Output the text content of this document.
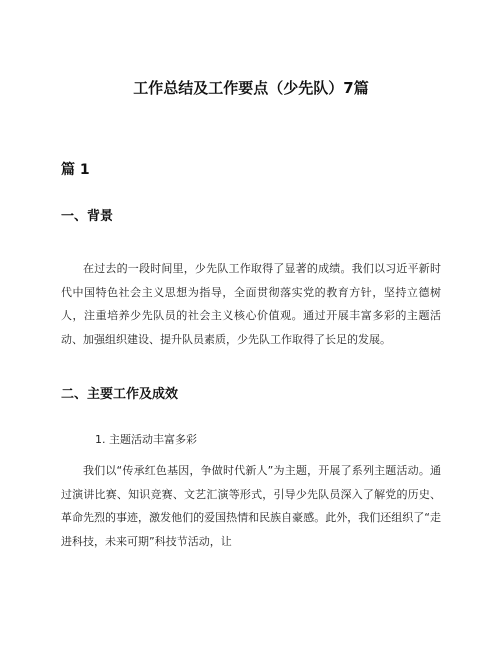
工作总结及工作要点（少先队）7篇
篇 1
一、背景

在过去的一段时间里，少先队工作取得了显著的成绩。我们以习近平新时代中国特色社会主义思想为指导，全面贯彻落实党的教育方针，坚持立德树人，注重培养少先队员的社会主义核心价值观。通过开展丰富多彩的主题活动、加强组织建设、提升队员素质，少先队工作取得了长足的发展。

二、主要工作及成效
1. 主题活动丰富多彩

我们以“传承红色基因，争做时代新人”为主题，开展了系列主题活动。通过演讲比赛、知识竞赛、文艺汇演等形式，引导少先队员深入了解党的历史、革命先烈的事迹，激发他们的爱国热情和民族自豪感。此外，我们还组织了“走进科技，未来可期”科技节活动，让
